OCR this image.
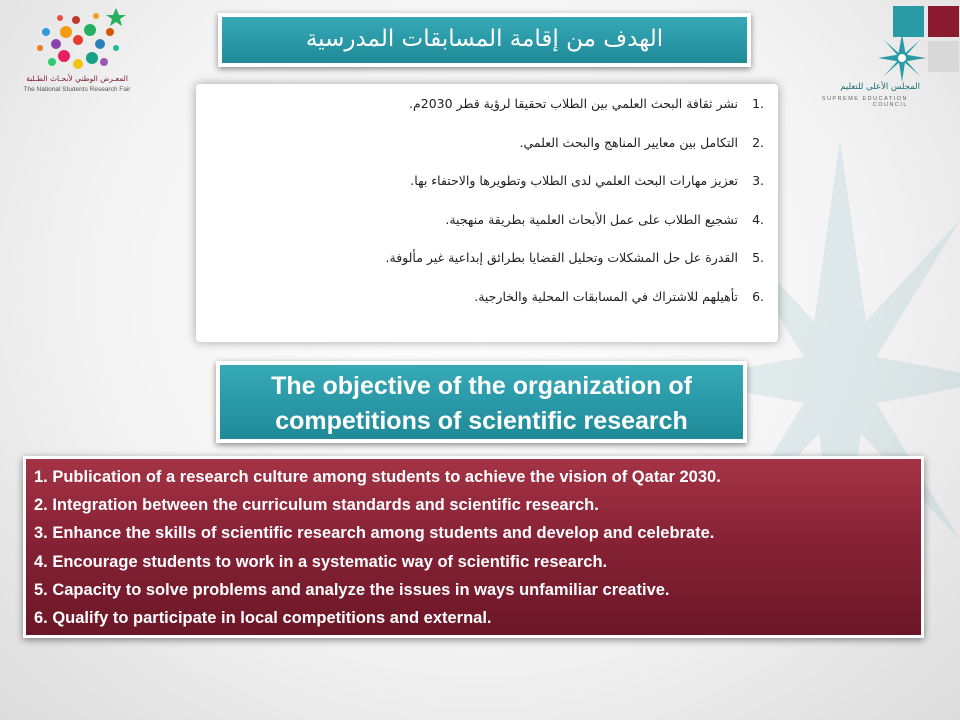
المعـرض الوطني لأبحـاث الطـلبة
The National Students Research Fair	المجلس الأعلى للتعليم
SUPREME EDUCATION COUNCIL
الهدف من إقامة المسابقات المدرسية
1.
نشر ثقافة البحث العلمي بين الطلاب تحقيقا لرؤية قطر 2030م.
2.
التكامل بين معايير المناهج والبحث العلمي.
3.
تعزيز مهارات البحث العلمي لدى الطلاب وتطويرها والاحتفاء بها.
4.
تشجيع الطلاب على عمل الأبحاث العلمية بطريقة منهجية.
5.
القدرة عل حل المشكلات وتحليل القضايا بطرائق إبداعية غير مألوفة.
6.
تأهيلهم للاشتراك في المسابقات المحلية والخارجية.
The objective of the organization of
competitions of scientific research
1. Publication of a research culture among students to achieve the vision of Qatar 2030.
2. Integration between the curriculum standards and scientific research.
3. Enhance the skills of scientific research among students and develop and celebrate.
4. Encourage students to work in a systematic way of scientific research.
5. Capacity to solve problems and analyze the issues in ways unfamiliar creative.
6. Qualify to participate in local competitions and external.
